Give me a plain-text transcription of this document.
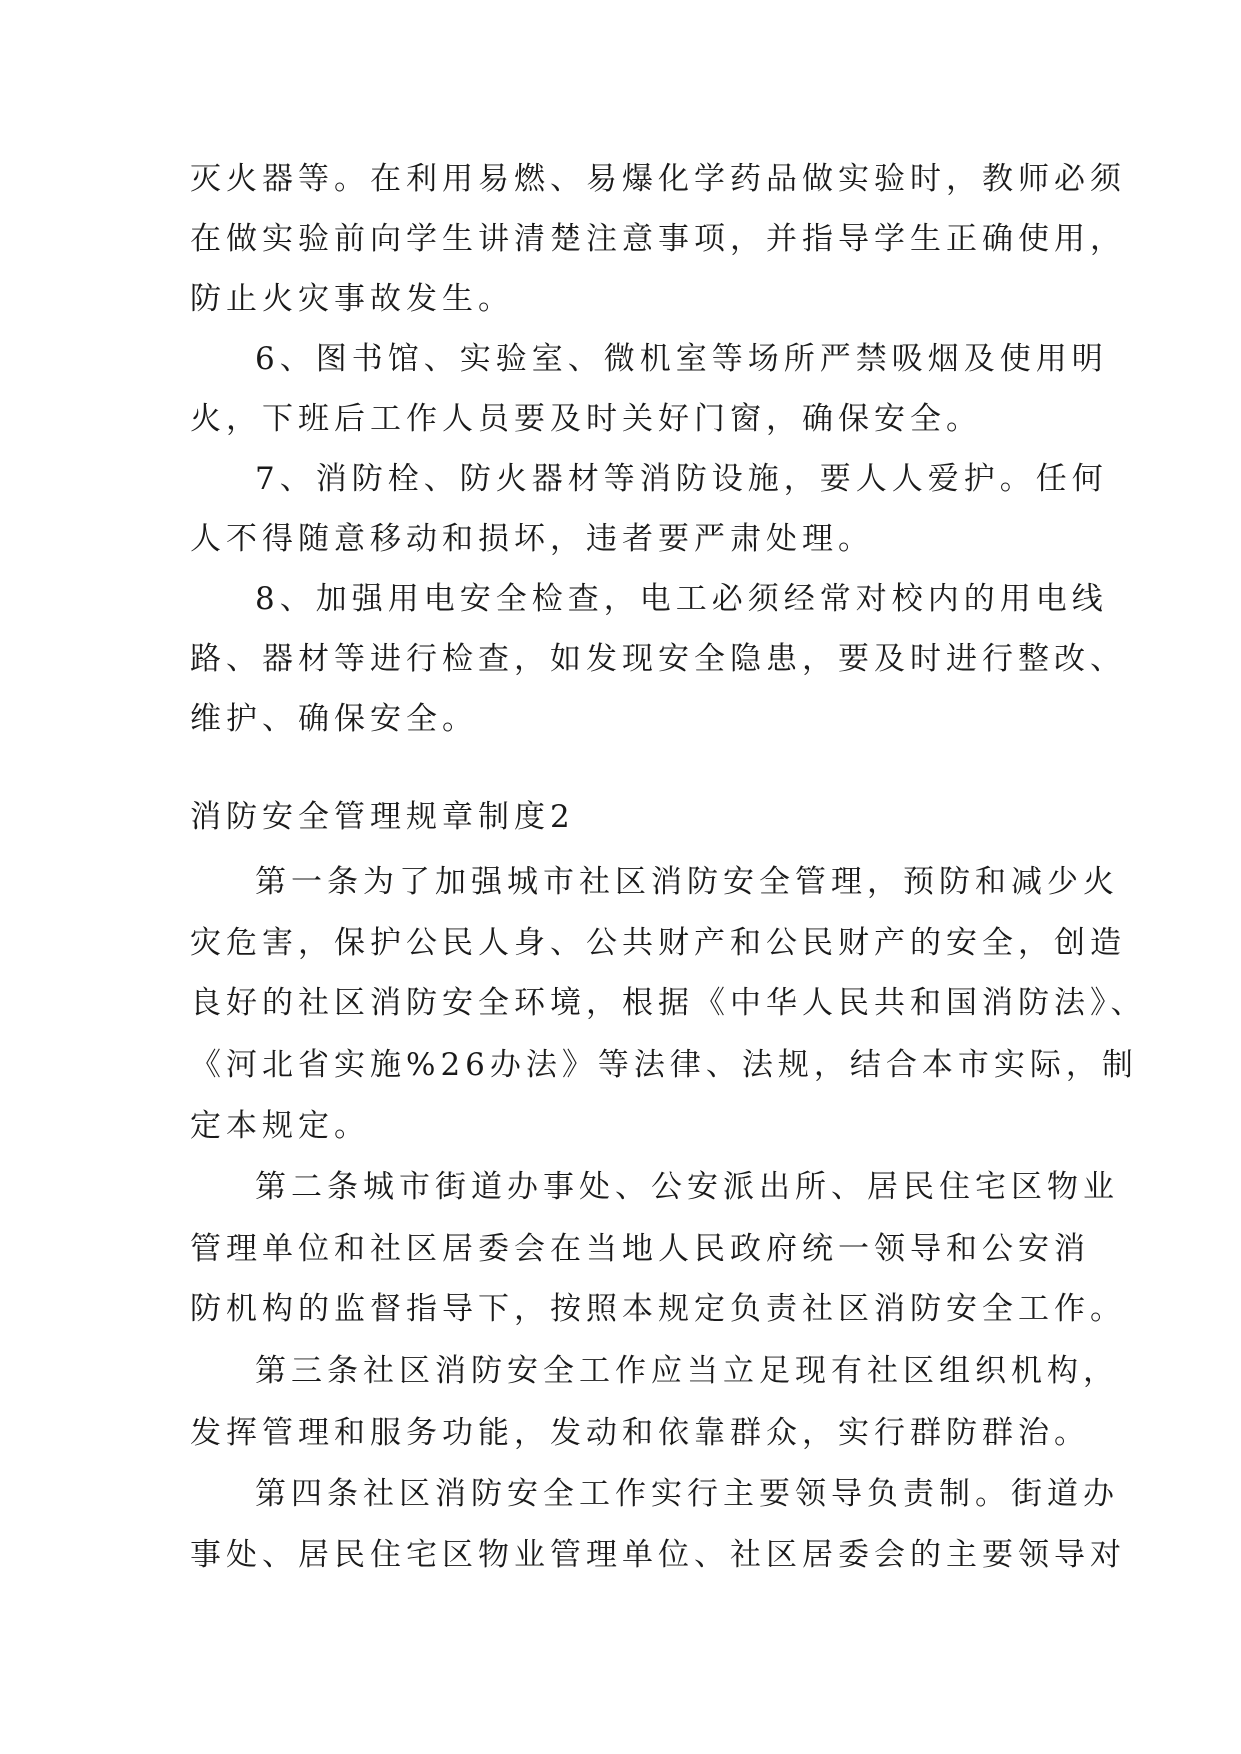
灭火器等。在利用易燃、易爆化学药品做实验时，教师必须
在做实验前向学生讲清楚注意事项，并指导学生正确使用，
防止火灾事故发生。
6、图书馆、实验室、微机室等场所严禁吸烟及使用明
火，下班后工作人员要及时关好门窗，确保安全。
7、消防栓、防火器材等消防设施，要人人爱护。任何
人不得随意移动和损坏，违者要严肃处理。
8、加强用电安全检查，电工必须经常对校内的用电线
路、器材等进行检查，如发现安全隐患，要及时进行整改、
维护、确保安全。
消防安全管理规章制度2
第一条为了加强城市社区消防安全管理，预防和减少火
灾危害，保护公民人身、公共财产和公民财产的安全，创造
良好的社区消防安全环境，根据《中华人民共和国消防法》、
《河北省实施%26办法》等法律、法规，结合本市实际，制
定本规定。
第二条城市街道办事处、公安派出所、居民住宅区物业
管理单位和社区居委会在当地人民政府统一领导和公安消
防机构的监督指导下，按照本规定负责社区消防安全工作。
第三条社区消防安全工作应当立足现有社区组织机构，
发挥管理和服务功能，发动和依靠群众，实行群防群治。
第四条社区消防安全工作实行主要领导负责制。街道办
事处、居民住宅区物业管理单位、社区居委会的主要领导对
